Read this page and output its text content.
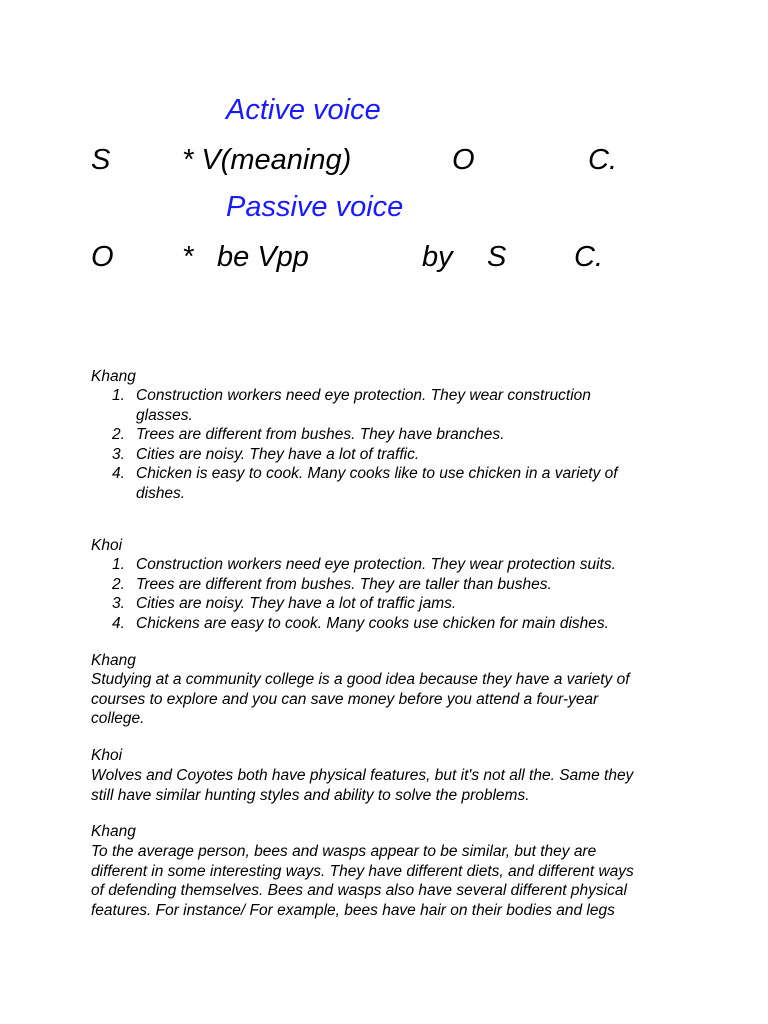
Active voice
S * V(meaning)	O	C.
Passive voice
O * be Vpp	by S C.
Khang
1. Construction workers need eye protection. They wear construction
glasses.
2. Trees are different from bushes. They have branches.
3. Cities are noisy. They have a lot of traffic.
4. Chicken is easy to cook. Many cooks like to use chicken in a variety of
dishes.
Khoi
1. Construction workers need eye protection. They wear protection suits.
2. Trees are different from bushes. They are taller than bushes.
3. Cities are noisy. They have a lot of traffic jams.
4. Chickens are easy to cook. Many cooks use chicken for main dishes.
Khang
Studying at a community college is a good idea because they have a variety of
courses to explore and you can save money before you attend a four-year
college.
Khoi
Wolves and Coyotes both have physical features, but it's not all the. Same they
still have similar hunting styles and ability to solve the problems.
Khang
To the average person, bees and wasps appear to be similar, but they are
different in some interesting ways. They have different diets, and different ways
of defending themselves. Bees and wasps also have several different physical
features. For instance/ For example, bees have hair on their bodies and legs
